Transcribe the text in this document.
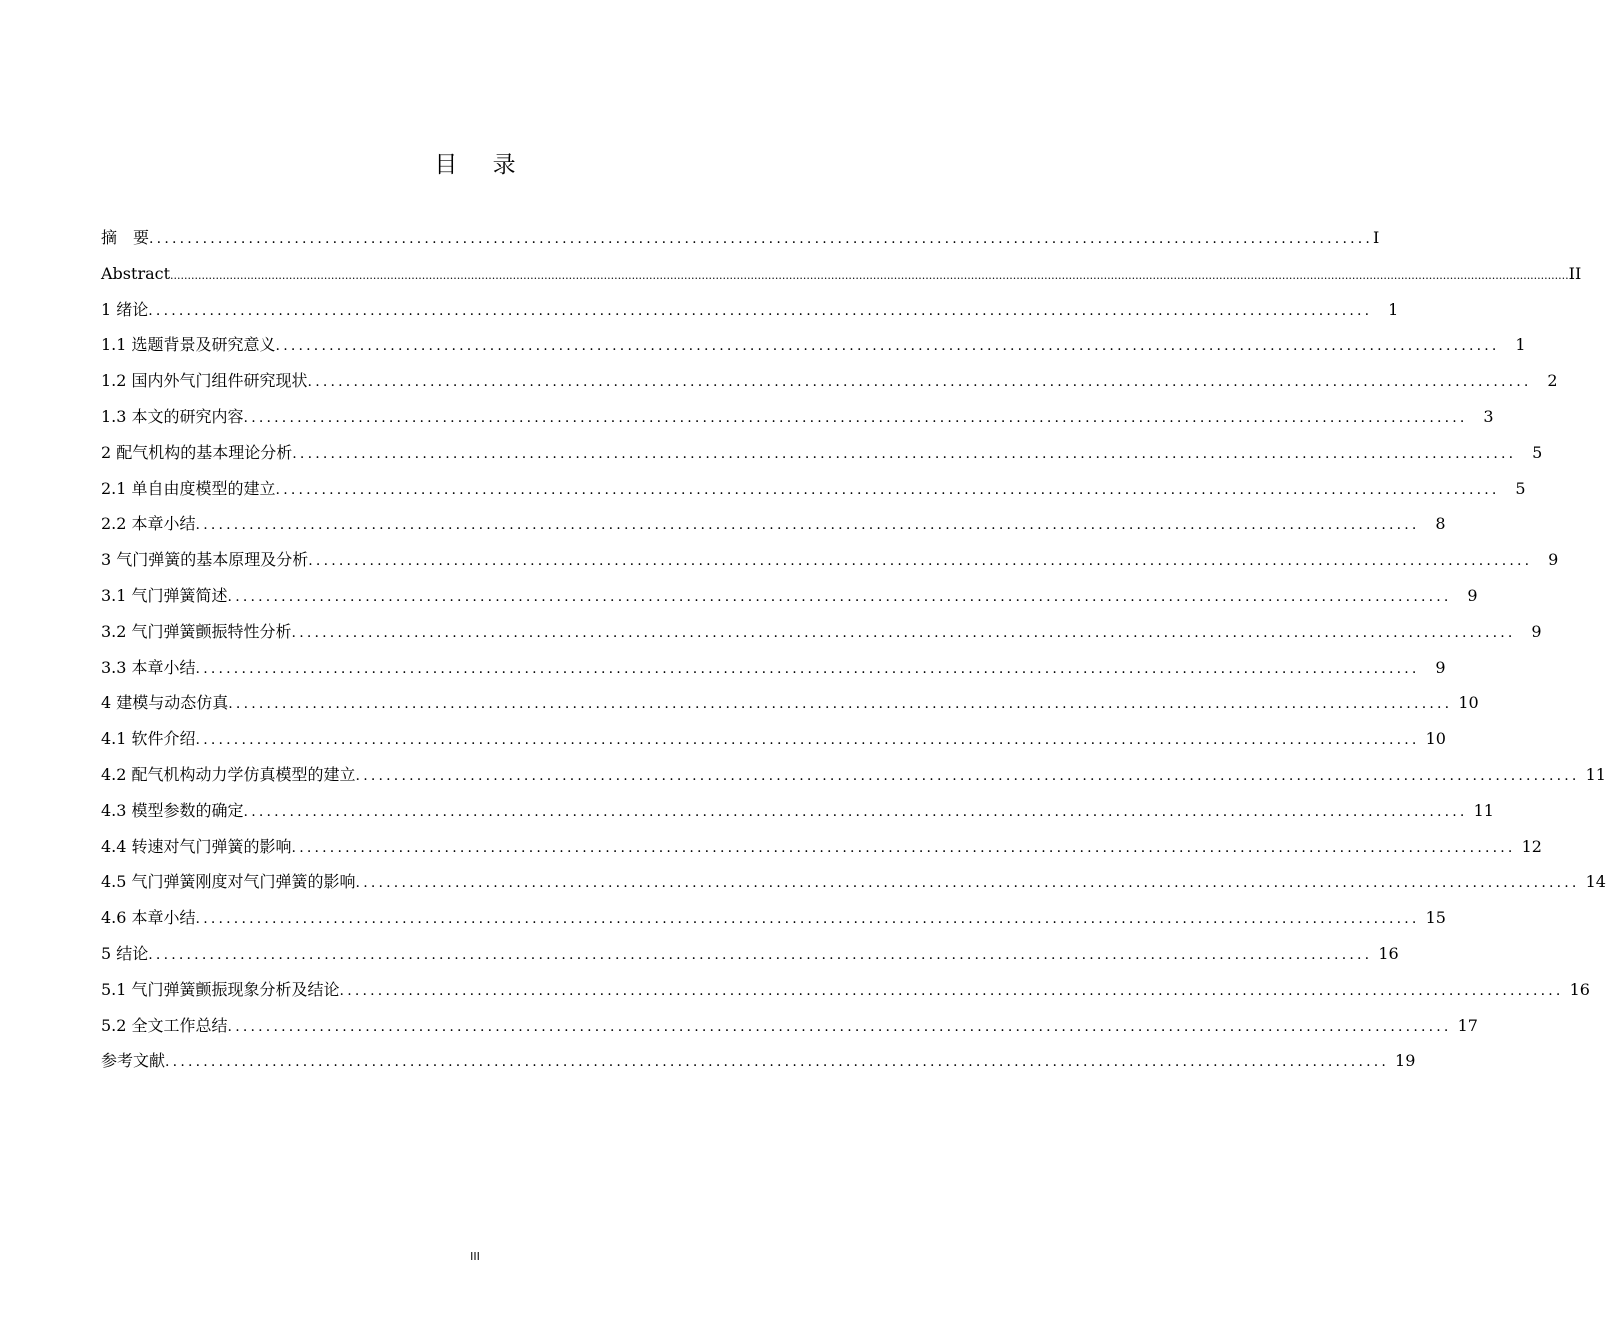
目 录
摘　要 ................................................................................................................................................................ I
Abstract ................................................................................................................................................................................................................................................................................................................................................................................................................ II
1 绪论 ................................................................................................................................................................ 1
1.1 选题背景及研究意义 ................................................................................................................................................................ 1
1.2 国内外气门组件研究现状 ................................................................................................................................................................ 2
1.3 本文的研究内容 ................................................................................................................................................................ 3
2 配气机构的基本理论分析 ................................................................................................................................................................ 5
2.1 单自由度模型的建立 ................................................................................................................................................................ 5
2.2 本章小结 ................................................................................................................................................................ 8
3 气门弹簧的基本原理及分析 ................................................................................................................................................................ 9
3.1 气门弹簧简述 ................................................................................................................................................................ 9
3.2 气门弹簧颤振特性分析 ................................................................................................................................................................ 9
3.3 本章小结 ................................................................................................................................................................ 9
4 建模与动态仿真 ................................................................................................................................................................ 10
4.1 软件介绍 ................................................................................................................................................................ 10
4.2 配气机构动力学仿真模型的建立 ................................................................................................................................................................ 11
4.3 模型参数的确定 ................................................................................................................................................................ 11
4.4 转速对气门弹簧的影响 ................................................................................................................................................................ 12
4.5 气门弹簧刚度对气门弹簧的影响 ................................................................................................................................................................ 14
4.6 本章小结 ................................................................................................................................................................ 15
5 结论 ................................................................................................................................................................ 16
5.1 气门弹簧颤振现象分析及结论 ................................................................................................................................................................ 16
5.2 全文工作总结 ................................................................................................................................................................ 17
参考文献 ................................................................................................................................................................ 19
III
